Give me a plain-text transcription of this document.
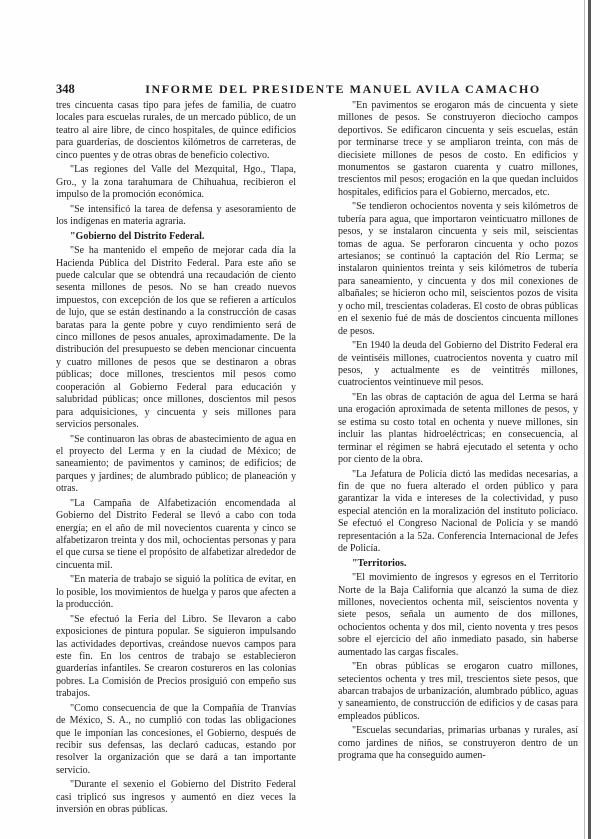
348	INFORME DEL PRESIDENTE MANUEL AVILA CAMACHO

tres cincuenta casas tipo para jefes de familia, de cuatro locales para escuelas rurales, de un mercado público, de un teatro al aire libre, de cinco hospitales, de quince edificios para guarderías, de doscientos kilómetros de carreteras, de cinco puentes y de otras obras de beneficio colectivo.

"Las regiones del Valle del Mezquital, Hgo., Tlapa, Gro., y la zona tarahumara de Chihuahua, recibieron el impulso de la promoción económica.

"Se intensificó la tarea de defensa y asesoramiento de los indígenas en materia agraria.

"Gobierno del Distrito Federal.

"Se ha mantenido el empeño de mejorar cada día la Hacienda Pública del Distrito Federal. Para este año se puede calcular que se obtendrá una recaudación de ciento sesenta millones de pesos. No se han creado nuevos impuestos, con excepción de los que se refieren a artículos de lujo, que se están destinando a la construcción de casas baratas para la gente pobre y cuyo rendimiento será de cinco millones de pesos anuales, aproximadamente. De la distribución del presupuesto se deben mencionar cincuenta y cuatro millones de pesos que se destinaron a obras públicas; doce millones, trescientos mil pesos como cooperación al Gobierno Federal para educación y salubridad públicas; once millones, doscientos mil pesos para adquisiciones, y cincuenta y seis millones para servicios personales.

"Se continuaron las obras de abastecimiento de agua en el proyecto del Lerma y en la ciudad de México; de saneamiento; de pavimentos y caminos; de edificios; de parques y jardines; de alumbrado público; de planeación y otras.

"La Campaña de Alfabetización encomendada al Gobierno del Distrito Federal se llevó a cabo con toda energía; en el año de mil novecientos cuarenta y cinco se alfabetizaron treinta y dos mil, ochocientas personas y para el que cursa se tiene el propósito de alfabetizar alrededor de cincuenta mil.

"En materia de trabajo se siguió la política de evitar, en lo posible, los movimientos de huelga y paros que afecten a la producción.

"Se efectuó la Feria del Libro. Se llevaron a cabo exposiciones de pintura popular. Se siguieron impulsando las actividades deportivas, creándose nuevos campos para este fin. En los centros de trabajo se establecieron guarderías infantiles. Se crearon costureros en las colonias pobres. La Comisión de Precios prosiguió con empeño sus trabajos.

"Como consecuencia de que la Compañía de Tranvías de México, S. A., no cumplió con todas las obligaciones que le imponían las concesiones, el Gobierno, después de recibir sus defensas, las declaró caducas, estando por resolver la organización que se dará a tan importante servicio.

"Durante el sexenio el Gobierno del Distrito Federal casi triplicó sus ingresos y aumentó en diez veces la inversión en obras públicas.

"En pavimentos se erogaron más de cincuenta y siete millones de pesos. Se construyeron dieciocho campos deportivos. Se edificaron cincuenta y seis escuelas, están por terminarse trece y se ampliaron treinta, con más de diecisiete millones de pesos de costo. En edificios y monumentos se gastaron cuarenta y cuatro millones, trescientos mil pesos; erogación en la que quedan incluidos hospitales, edificios para el Gobierno, mercados, etc.

"Se tendieron ochocientos noventa y seis kilómetros de tubería para agua, que importaron veinticuatro millones de pesos, y se instalaron cincuenta y seis mil, seiscientas tomas de agua. Se perforaron cincuenta y ocho pozos artesianos; se continuó la captación del Río Lerma; se instalaron quinientos treinta y seis kilómetros de tubería para saneamiento, y cincuenta y dos mil conexiones de albañales; se hicieron ocho mil, seiscientos pozos de visita y ocho mil, trescientas coladeras. El costo de obras públicas en el sexenio fué de más de doscientos cincuenta millones de pesos.

"En 1940 la deuda del Gobierno del Distrito Federal era de veintiséis millones, cuatrocientos noventa y cuatro mil pesos, y actualmente es de veintitrés millones, cuatrocientos veintinueve mil pesos.

"En las obras de captación de agua del Lerma se hará una erogación aproximada de setenta millones de pesos, y se estima su costo total en ochenta y nueve millones, sin incluir las plantas hidroeléctricas; en consecuencia, al terminar el régimen se habrá ejecutado el setenta y ocho por ciento de la obra.

"La Jefatura de Policía dictó las medidas necesarias, a fin de que no fuera alterado el orden público y para garantizar la vida e intereses de la colectividad, y puso especial atención en la moralización del instituto policíaco. Se efectuó el Congreso Nacional de Policía y se mandó representación a la 52a. Conferencia Internacional de Jefes de Policía.

"Territorios.

"El movimiento de ingresos y egresos en el Territorio Norte de la Baja California que alcanzó la suma de diez millones, novecientos ochenta mil, seiscientos noventa y siete pesos, señala un aumento de dos millones, ochocientos ochenta y dos mil, ciento noventa y tres pesos sobre el ejercicio del año inmediato pasado, sin haberse aumentado las cargas fiscales.

"En obras públicas se erogaron cuatro millones, setecientos ochenta y tres mil, trescientos siete pesos, que abarcan trabajos de urbanización, alumbrado público, aguas y saneamiento, de construcción de edificios y de casas para empleados públicos.

"Escuelas secundarias, primarias urbanas y rurales, así como jardines de niños, se construyeron dentro de un programa que ha conseguido aumen-
